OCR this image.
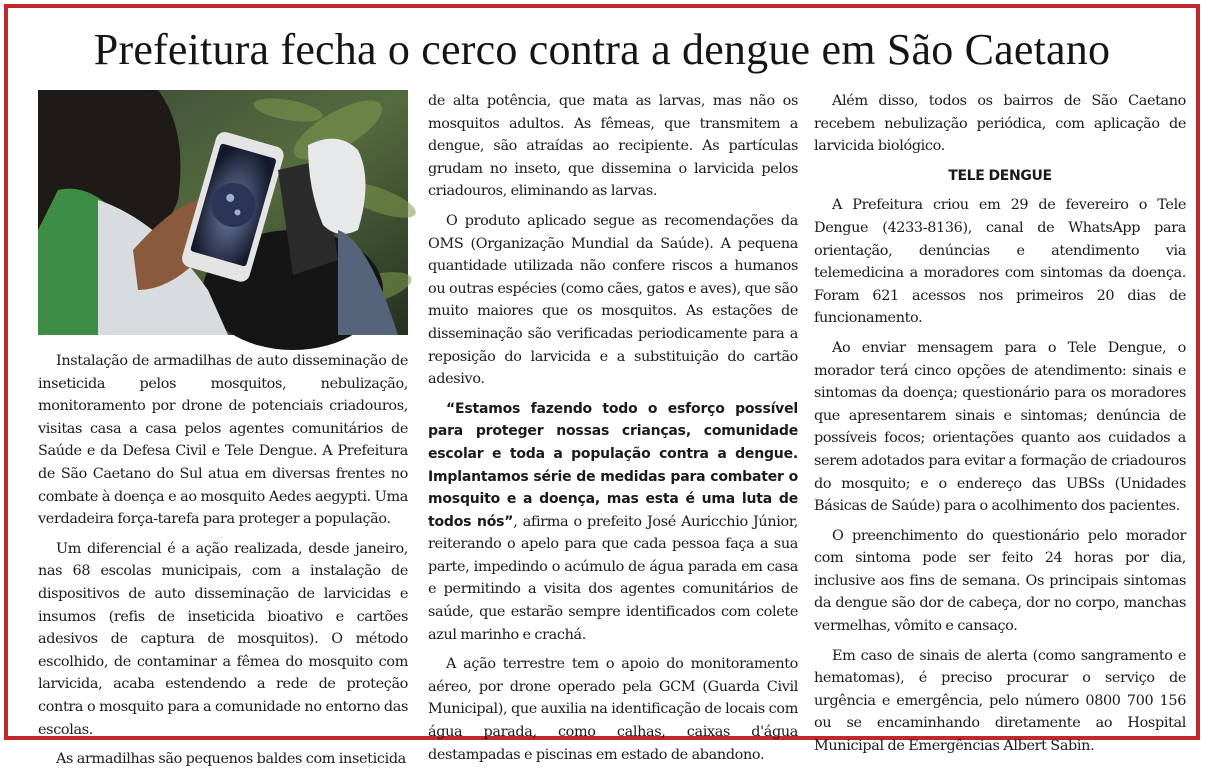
Prefeitura fecha o cerco contra a dengue em São Caetano

Instalação de armadilhas de auto disseminação de inseticida pelos mosquitos, nebulização, monitoramento por drone de potenciais criadouros, visitas casa a casa pelos agentes comunitários de Saúde e da Defesa Civil e Tele Dengue. A Prefeitura de São Caetano do Sul atua em diversas frentes no combate à doença e ao mosquito Aedes aegypti. Uma verdadeira força-tarefa para proteger a população.

Um diferencial é a ação realizada, desde janeiro, nas 68 escolas municipais, com a instalação de dispositivos de auto disseminação de larvicidas e insumos (refis de inseticida bioativo e cartões adesivos de captura de mosquitos). O método escolhido, de contaminar a fêmea do mosquito com larvicida, acaba estendendo a rede de proteção contra o mosquito para a comunidade no entorno das escolas.

As armadilhas são pequenos baldes com inseticida

de alta potência, que mata as larvas, mas não os mosquitos adultos. As fêmeas, que transmitem a dengue, são atraídas ao recipiente. As partículas grudam no inseto, que dissemina o larvicida pelos criadouros, eliminando as larvas.

O produto aplicado segue as recomendações da OMS (Organização Mundial da Saúde). A pequena quantidade utilizada não confere riscos a humanos ou outras espécies (como cães, gatos e aves), que são muito maiores que os mosquitos. As estações de disseminação são verificadas periodicamente para a reposição do larvicida e a substituição do cartão adesivo.

“Estamos fazendo todo o esforço possível para proteger nossas crianças, comunidade escolar e toda a população contra a dengue. Implantamos série de medidas para combater o mosquito e a doença, mas esta é uma luta de todos nós”, afirma o prefeito José Auricchio Júnior, reiterando o apelo para que cada pessoa faça a sua parte, impedindo o acúmulo de água parada em casa e permitindo a visita dos agentes comunitários de saúde, que estarão sempre identificados com colete azul marinho e crachá.

A ação terrestre tem o apoio do monitoramento aéreo, por drone operado pela GCM (Guarda Civil Municipal), que auxilia na identificação de locais com água parada, como calhas, caixas d'água destampadas e piscinas em estado de abandono.

Além disso, todos os bairros de São Caetano recebem nebulização periódica, com aplicação de larvicida biológico.

TELE DENGUE

A Prefeitura criou em 29 de fevereiro o Tele Dengue (4233-8136), canal de WhatsApp para orientação, denúncias e atendimento via telemedicina a moradores com sintomas da doença. Foram 621 acessos nos primeiros 20 dias de funcionamento.

Ao enviar mensagem para o Tele Dengue, o morador terá cinco opções de atendimento: sinais e sintomas da doença; questionário para os moradores que apresentarem sinais e sintomas; denúncia de possíveis focos; orientações quanto aos cuidados a serem adotados para evitar a formação de criadouros do mosquito; e o endereço das UBSs (Unidades Básicas de Saúde) para o acolhimento dos pacientes.

O preenchimento do questionário pelo morador com sintoma pode ser feito 24 horas por dia, inclusive aos fins de semana. Os principais sintomas da dengue são dor de cabeça, dor no corpo, manchas vermelhas, vômito e cansaço.

Em caso de sinais de alerta (como sangramento e hematomas), é preciso procurar o serviço de urgência e emergência, pelo número 0800 700 156 ou se encaminhando diretamente ao Hospital Municipal de Emergências Albert Sabin.
